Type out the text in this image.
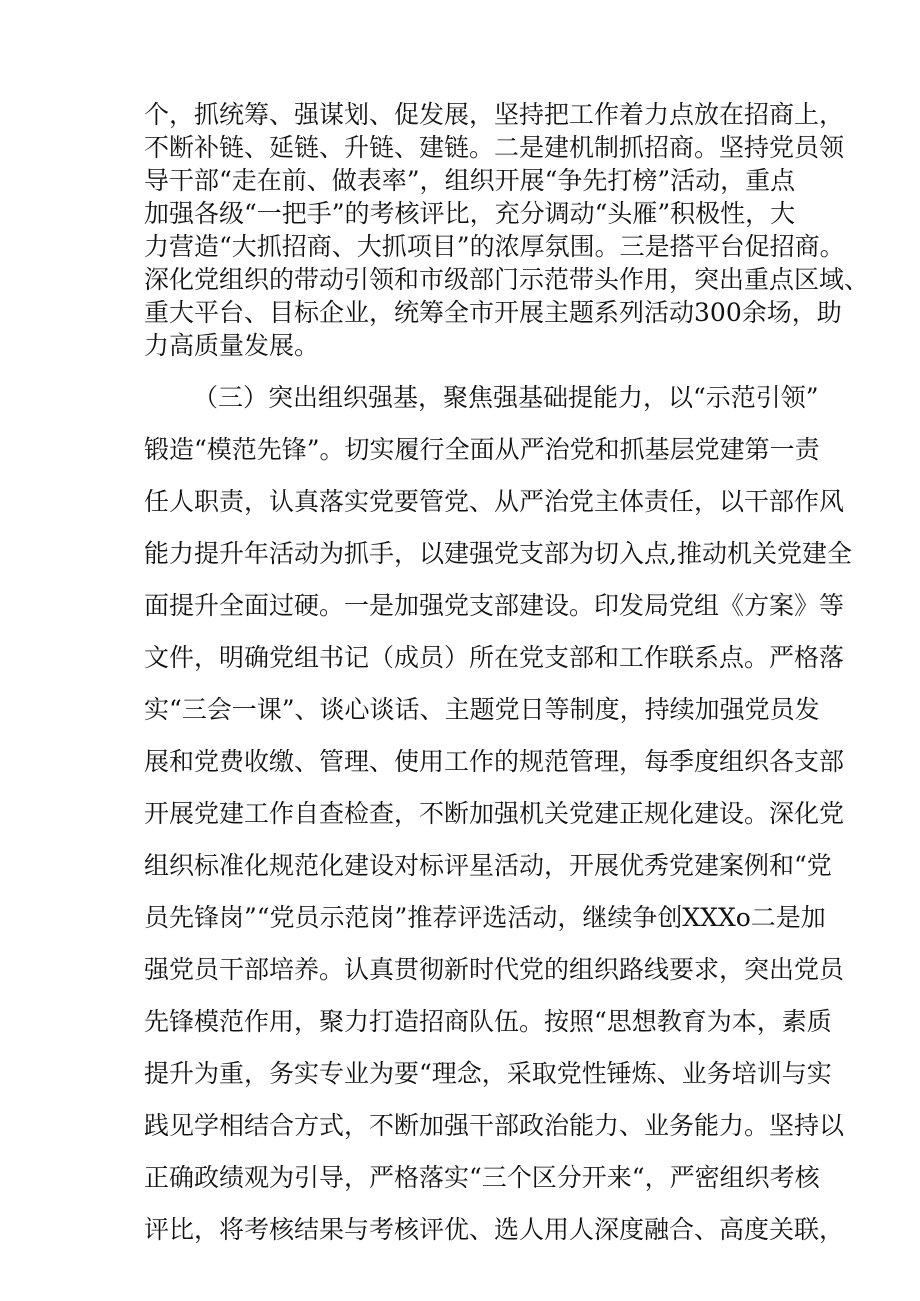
个，抓统筹、强谋划、促发展，坚持把工作着力点放在招商上，
不断补链、延链、升链、建链。二是建机制抓招商。坚持党员领
导干部“走在前、做表率”，组织开展“争先打榜”活动，重点
加强各级“一把手”的考核评比，充分调动“头雁”积极性，大
力营造“大抓招商、大抓项目”的浓厚氛围。三是搭平台促招商。
深化党组织的带动引领和市级部门示范带头作用，突出重点区域、
重大平台、目标企业，统筹全市开展主题系列活动300余场，助
力高质量发展。
（三）突出组织强基，聚焦强基础提能力，以“示范引领”
锻造“模范先锋”。切实履行全面从严治党和抓基层党建第一责
任人职责，认真落实党要管党、从严治党主体责任，以干部作风
能力提升年活动为抓手，以建强党支部为切入点,推动机关党建全
面提升全面过硬。一是加强党支部建设。印发局党组《方案》等
文件，明确党组书记（成员）所在党支部和工作联系点。严格落
实“三会一课”、谈心谈话、主题党日等制度，持续加强党员发
展和党费收缴、管理、使用工作的规范管理，每季度组织各支部
开展党建工作自查检查，不断加强机关党建正规化建设。深化党
组织标准化规范化建设对标评星活动，开展优秀党建案例和“党
员先锋岗”“党员示范岗”推荐评选活动，继续争创XXXo二是加
强党员干部培养。认真贯彻新时代党的组织路线要求，突出党员
先锋模范作用，聚力打造招商队伍。按照“思想教育为本，素质
提升为重，务实专业为要“理念，采取党性锤炼、业务培训与实
践见学相结合方式，不断加强干部政治能力、业务能力。坚持以
正确政绩观为引导，严格落实“三个区分开来“，严密组织考核
评比，将考核结果与考核评优、选人用人深度融合、高度关联，
